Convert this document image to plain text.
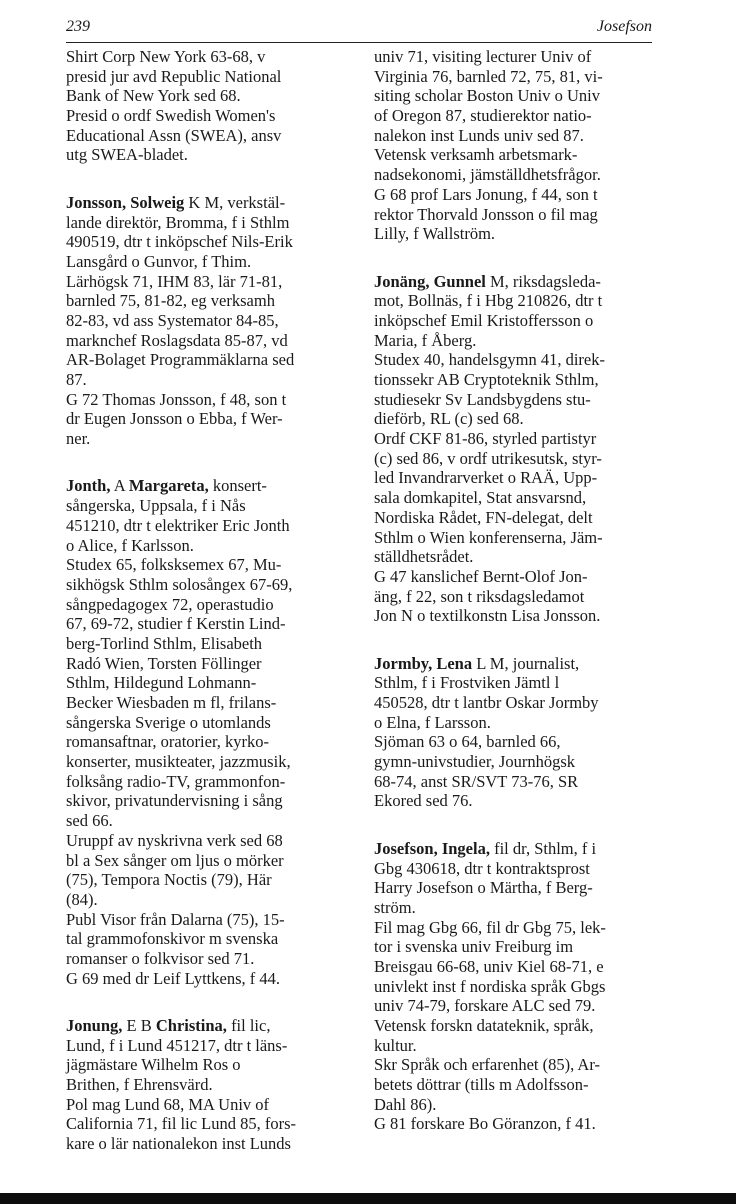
239	Josefson
Shirt Corp New York 63-68, v
presid jur avd Republic National
Bank of New York sed 68.
Presid o ordf Swedish Women's
Educational Assn (SWEA), ansv
utg SWEA-bladet.
Jonsson, Solweig K M, verkstäl-
lande direktör, Bromma, f i Sthlm
490519, dtr t inköpschef Nils-Erik
Lansgård o Gunvor, f Thim.
Lärhögsk 71, IHM 83, lär 71-81,
barnled 75, 81-82, eg verksamh
82-83, vd ass Systemator 84-85,
marknchef Roslagsdata 85-87, vd
AR-Bolaget Programmäklarna sed
87.
G 72 Thomas Jonsson, f 48, son t
dr Eugen Jonsson o Ebba, f Wer-
ner.
Jonth, A Margareta, konsert-
sångerska, Uppsala, f i Nås
451210, dtr t elektriker Eric Jonth
o Alice, f Karlsson.
Studex 65, folksksemex 67, Mu-
sikhögsk Sthlm solosångex 67-69,
sångpedagogex 72, operastudio
67, 69-72, studier f Kerstin Lind-
berg-Torlind Sthlm, Elisabeth
Radó Wien, Torsten Föllinger
Sthlm, Hildegund Lohmann-
Becker Wiesbaden m fl, frilans-
sångerska Sverige o utomlands
romansaftnar, oratorier, kyrko-
konserter, musikteater, jazzmusik,
folksång radio-TV, grammonfon-
skivor, privatundervisning i sång
sed 66.
Uruppf av nyskrivna verk sed 68
bl a Sex sånger om ljus o mörker
(75), Tempora Noctis (79), Här
(84).
Publ Visor från Dalarna (75), 15-
tal grammofonskivor m svenska
romanser o folkvisor sed 71.
G 69 med dr Leif Lyttkens, f 44.
Jonung, E B Christina, fil lic,
Lund, f i Lund 451217, dtr t läns-
jägmästare Wilhelm Ros o
Brithen, f Ehrensvärd.
Pol mag Lund 68, MA Univ of
California 71, fil lic Lund 85, fors-
kare o lär nationalekon inst Lunds
univ 71, visiting lecturer Univ of
Virginia 76, barnled 72, 75, 81, vi-
siting scholar Boston Univ o Univ
of Oregon 87, studierektor natio-
nalekon inst Lunds univ sed 87.
Vetensk verksamh arbetsmark-
nadsekonomi, jämställdhetsfrågor.
G 68 prof Lars Jonung, f 44, son t
rektor Thorvald Jonsson o fil mag
Lilly, f Wallström.
Jonäng, Gunnel M, riksdagsleda-
mot, Bollnäs, f i Hbg 210826, dtr t
inköpschef Emil Kristoffersson o
Maria, f Åberg.
Studex 40, handelsgymn 41, direk-
tionssekr AB Cryptoteknik Sthlm,
studiesekr Sv Landsbygdens stu-
dieförb, RL (c) sed 68.
Ordf CKF 81-86, styrled partistyr
(c) sed 86, v ordf utrikesutsk, styr-
led Invandrarverket o RAÄ, Upp-
sala domkapitel, Stat ansvarsnd,
Nordiska Rådet, FN-delegat, delt
Sthlm o Wien konferenserna, Jäm-
ställdhetsrådet.
G 47 kanslichef Bernt-Olof Jon-
äng, f 22, son t riksdagsledamot
Jon N o textilkonstn Lisa Jonsson.
Jormby, Lena L M, journalist,
Sthlm, f i Frostviken Jämtl l
450528, dtr t lantbr Oskar Jormby
o Elna, f Larsson.
Sjöman 63 o 64, barnled 66,
gymn-univstudier, Journhögsk
68-74, anst SR/SVT 73-76, SR
Ekored sed 76.
Josefson, Ingela, fil dr, Sthlm, f i
Gbg 430618, dtr t kontraktsprost
Harry Josefson o Märtha, f Berg-
ström.
Fil mag Gbg 66, fil dr Gbg 75, lek-
tor i svenska univ Freiburg im
Breisgau 66-68, univ Kiel 68-71, e
univlekt inst f nordiska språk Gbgs
univ 74-79, forskare ALC sed 79.
Vetensk forskn datateknik, språk,
kultur.
Skr Språk och erfarenhet (85), Ar-
betets döttrar (tills m Adolfsson-
Dahl 86).
G 81 forskare Bo Göranzon, f 41.
